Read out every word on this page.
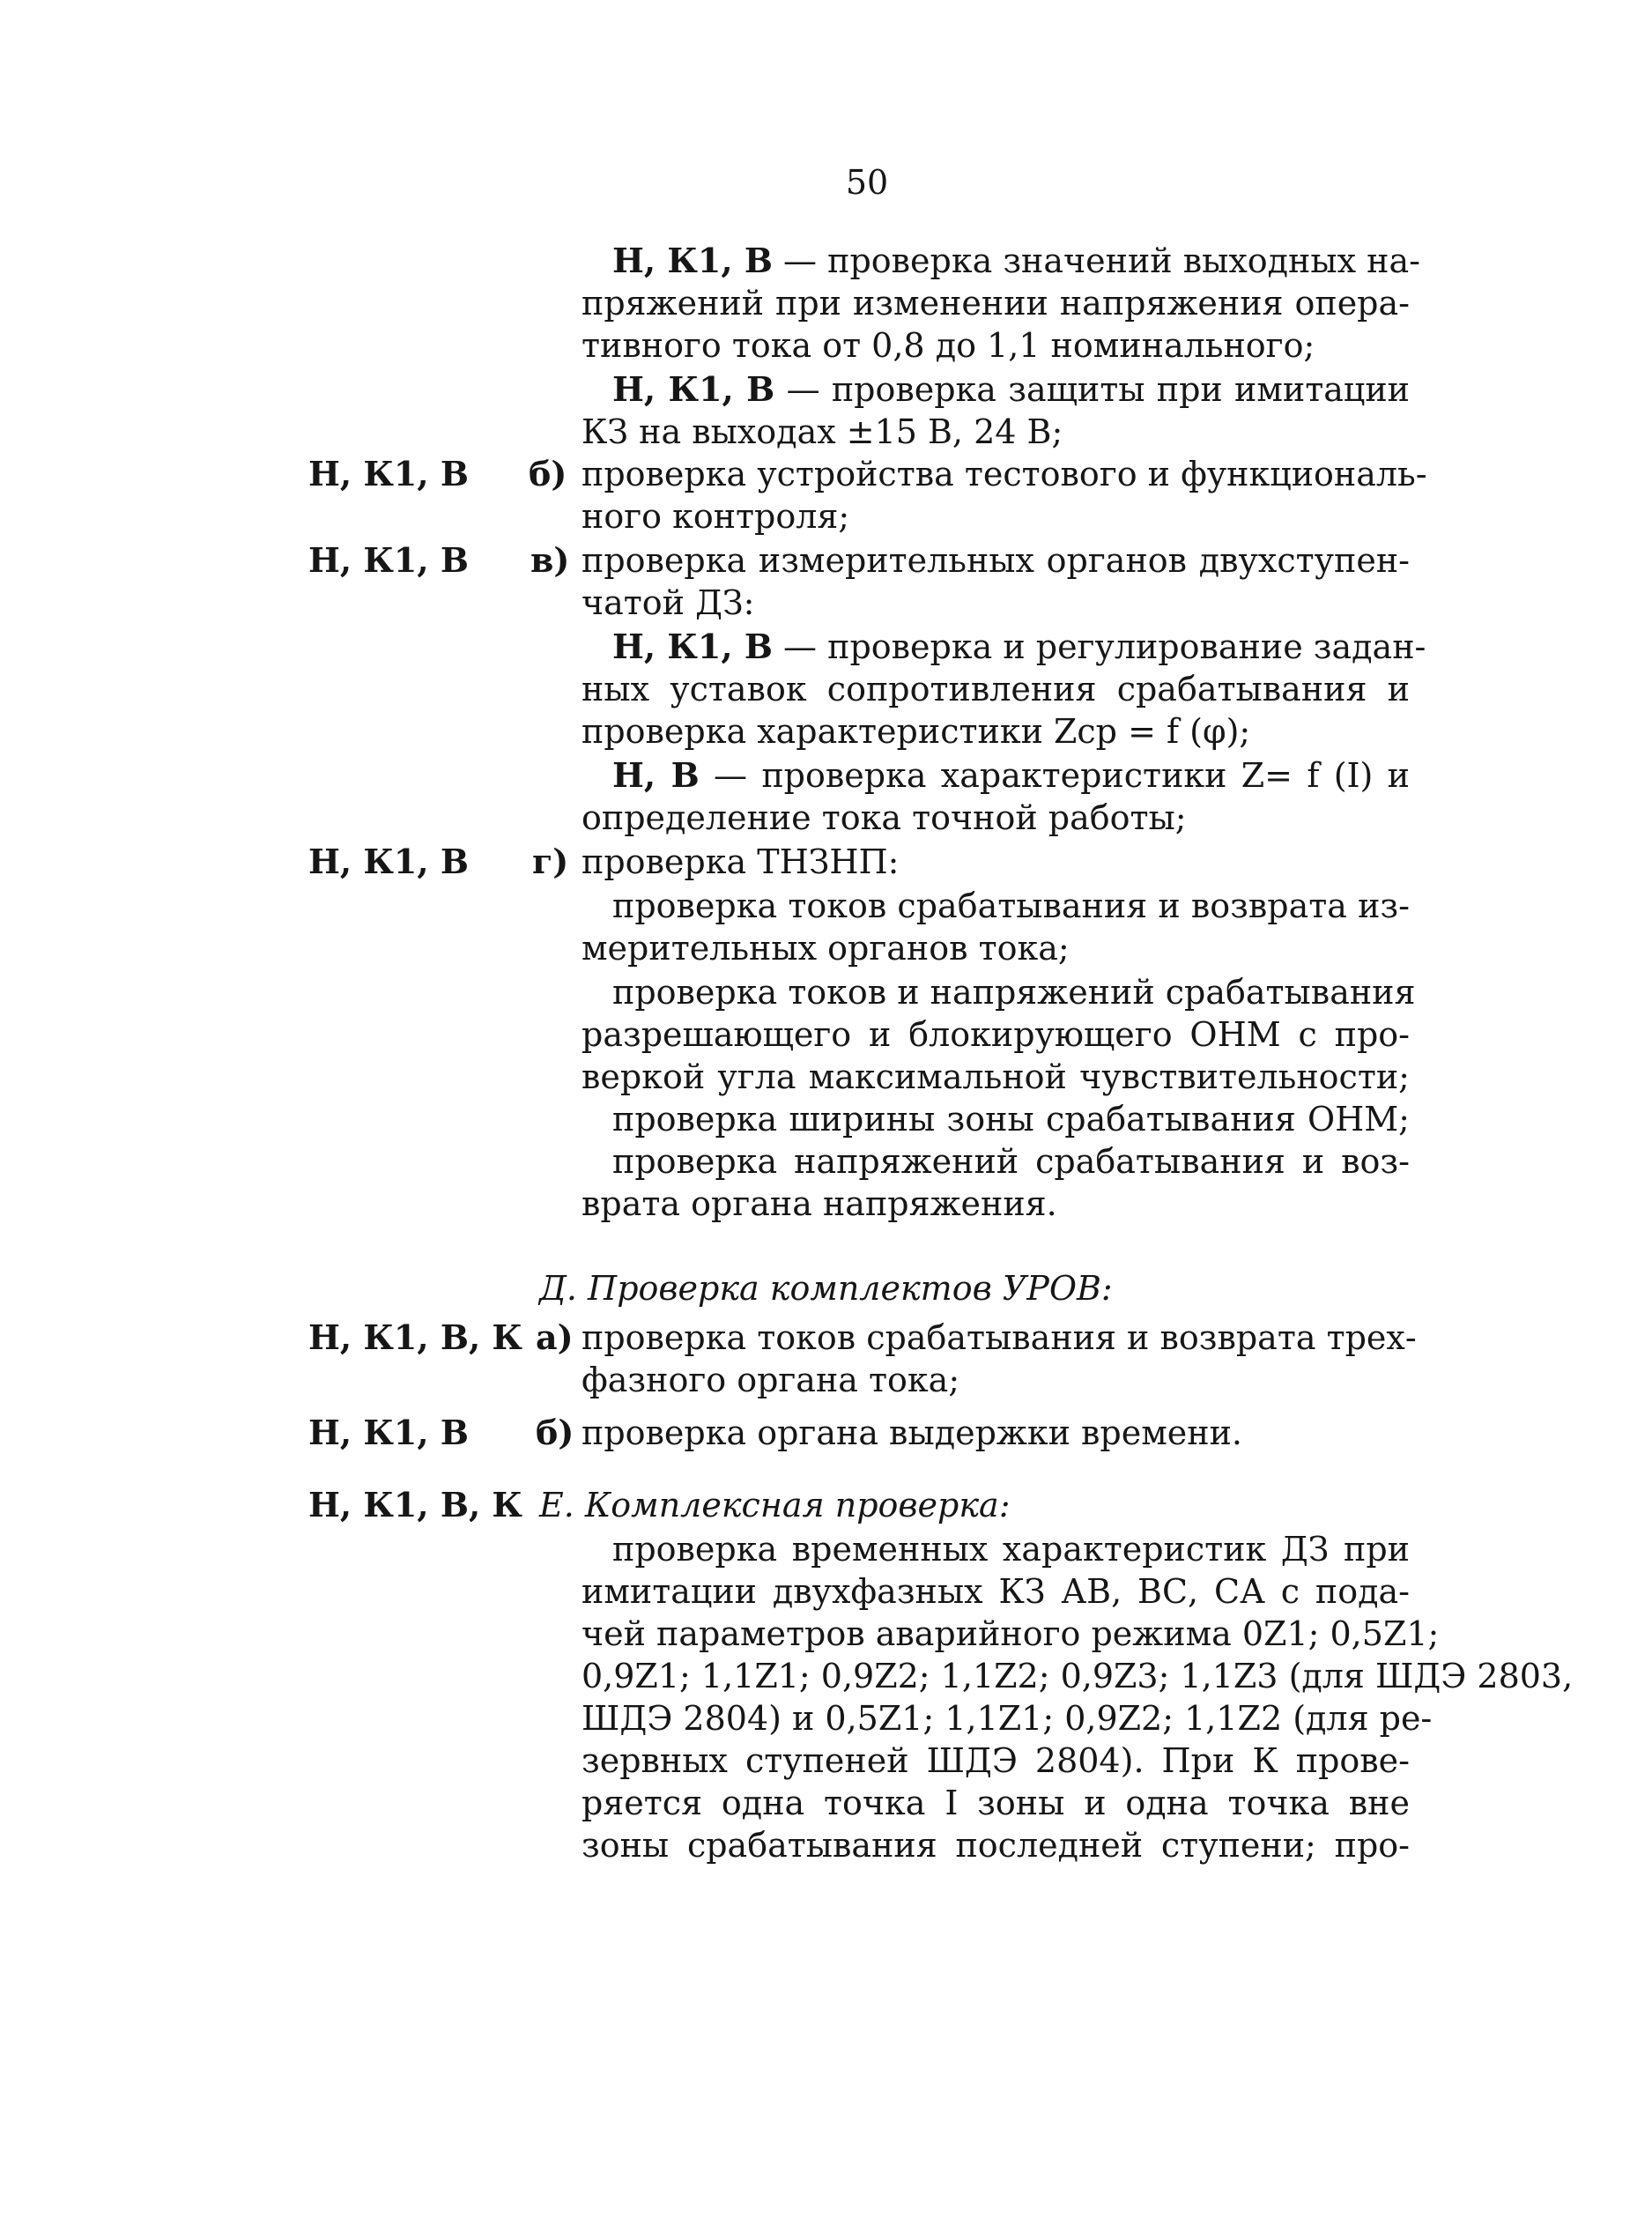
50
Н, К1, В — проверка значений выходных на-
пряжений при изменении напряжения опера-
тивного тока от 0,8 до 1,1 номинального;
Н, К1, В — проверка защиты при имитации
КЗ на выходах ±15 В, 24 В;
Н, К1, В б) проверка устройства тестового и функциональ-
ного контроля;
Н, К1, В в) проверка измерительных органов двухступен-
чатой ДЗ:
Н, К1, В — проверка и регулирование задан-
ных уставок сопротивления срабатывания и
проверка характеристики Zср = f (φ);
Н, В — проверка характеристики Z= f (I) и
определение тока точной работы;
Н, К1, В г) проверка ТНЗНП:
проверка токов срабатывания и возврата из-
мерительных органов тока;
проверка токов и напряжений срабатывания
разрешающего и блокирующего ОНМ с про-
веркой угла максимальной чувствительности;
проверка ширины зоны срабатывания ОНМ;
проверка напряжений срабатывания и воз-
врата органа напряжения.
Д. Проверка комплектов УРОВ:
Н, К1, В, К а) проверка токов срабатывания и возврата трех-
фазного органа тока;
Н, К1, В б) проверка органа выдержки времени.
Н, К1, В, К Е. Комплексная проверка:
проверка временных характеристик ДЗ при
имитации двухфазных КЗ АВ, ВС, СА с пода-
чей параметров аварийного режима 0Z1; 0,5Z1;
0,9Z1; 1,1Z1; 0,9Z2; 1,1Z2; 0,9Z3; 1,1Z3 (для ШДЭ 2803,
ШДЭ 2804) и 0,5Z1; 1,1Z1; 0,9Z2; 1,1Z2 (для ре-
зервных ступеней ШДЭ 2804). При К прове-
ряется одна точка I зоны и одна точка вне
зоны срабатывания последней ступени; про-
